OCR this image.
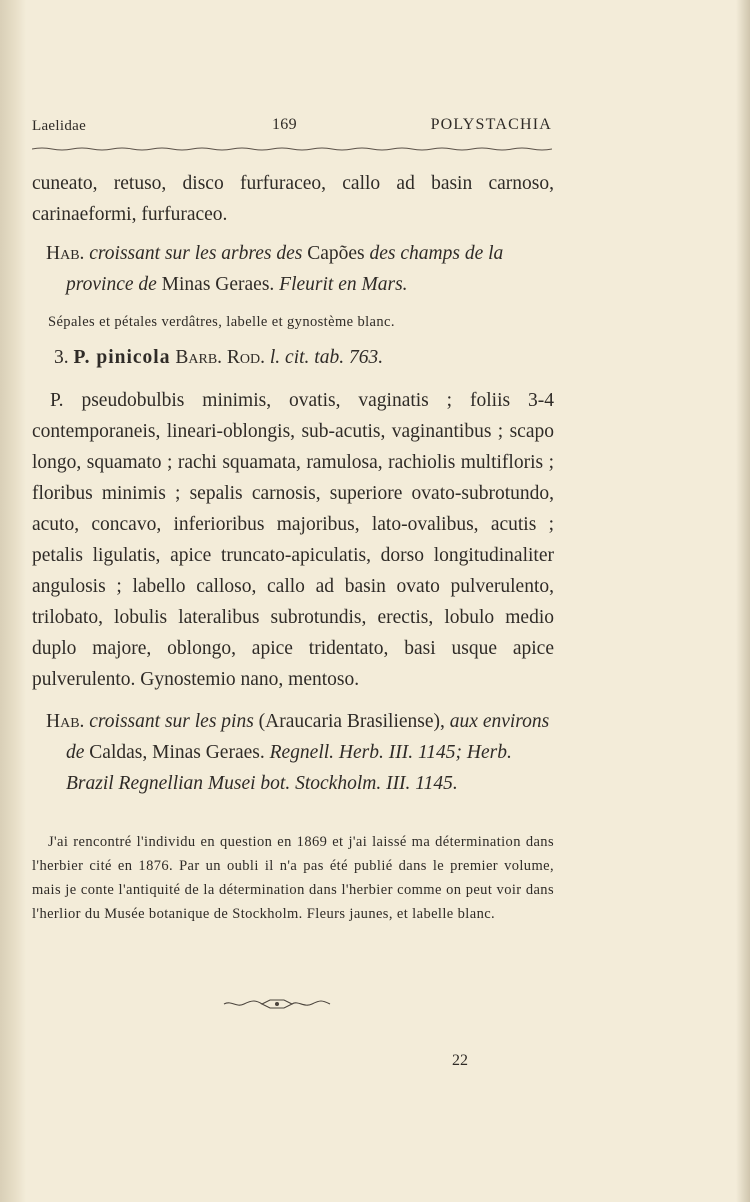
Laelidae	169	POLYSTACHIA

cuneato, retuso, disco furfuraceo, callo ad basin carnoso, carinaeformi, furfuraceo.

Hab. croissant sur les arbres des Capões des champs de la province de Minas Geraes. Fleurit en Mars.

Sépales et pétales verdâtres, labelle et gynostème blanc.

3. P. pinicola Barb. Rod. l. cit. tab. 763.

P. pseudobulbis minimis, ovatis, vaginatis ; foliis 3-4 contemporaneis, lineari-oblongis, sub-acutis, vaginantibus ; scapo longo, squamato ; rachi squamata, ramulosa, rachiolis multifloris ; floribus minimis ; sepalis carnosis, superiore ovato-subrotundo, acuto, concavo, inferioribus majoribus, lato-ovalibus, acutis ; petalis ligulatis, apice truncato-apiculatis, dorso longitudinaliter angulosis ; labello calloso, callo ad basin ovato pulverulento, trilobato, lobulis lateralibus subrotundis, erectis, lobulo medio duplo majore, oblongo, apice tridentato, basi usque apice pulverulento. Gynostemio nano, mentoso.

Hab. croissant sur les pins (Araucaria Brasiliense), aux environs de Caldas, Minas Geraes. Regnell. Herb. III. 1145; Herb. Brazil Regnellian Musei bot. Stockholm. III. 1145.

J'ai rencontré l'individu en question en 1869 et j'ai laissé ma détermination dans l'herbier cité en 1876. Par un oubli il n'a pas été publié dans le premier volume, mais je conte l'antiquité de la détermination dans l'herbier comme on peut voir dans l'herlior du Musée botanique de Stockholm. Fleurs jaunes, et labelle blanc.

22
